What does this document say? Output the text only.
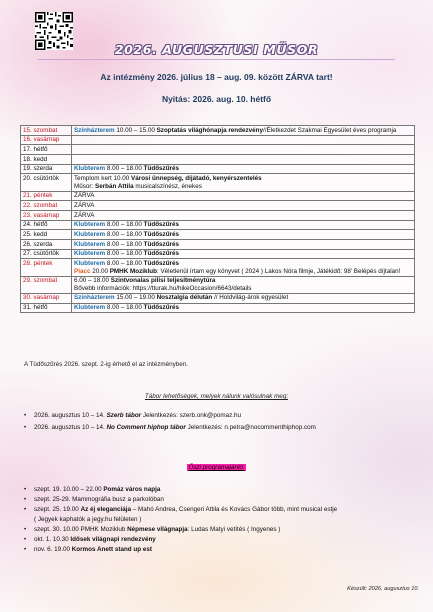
2026. AUGUSZTUSI MŰSOR
Az intézmény 2026. július 18 – aug. 09. között ZÁRVA tart!
Nyitás: 2026. aug. 10. hétfő
15. szombat	Színházterem 10.00 – 15.00 Szoptatás világhónapja rendezvény//Életkezdet Szakmai Egyesület éves programja
16. vasárnap	
17. hétfő	
18. kedd	
19. szerda	Klubterem 8.00 – 18.00 Tüdőszűrés
20. csütörtök	Templom kert 10.00 Városi ünnepség, díjátadó, kenyérszentelés
Műsor: Serbán Attila musicalszínész, énekes
21. péntek	ZÁRVA
22. szombat	ZÁRVA
23. vasárnap	ZÁRVA
24. hétfő	Klubterem 8.00 – 18.00 Tüdőszűrés
25. kedd	Klubterem 8.00 – 18.00 Tüdőszűrés
26. szerda	Klubterem 8.00 – 18.00 Tüdőszűrés
27. csütörtök	Klubterem 8.00 – 18.00 Tüdőszűrés
28. péntek	Klubterem 8.00 – 18.00 Tüdőszűrés
Placc 20.00 PMHK Moziklub: Véletlenül írtam egy könyvet ( 2024 ) Lakos Nóra filmje, Játékidő: 98’ Belépés díjtalan!
29. szombat	6.00 – 18.00 Szintvonalas pilisi teljesítménytúra
Bővebb információk: https://tturak.hu/hikeOccasion/6643/details
30. vasárnap	Színházterem 15.00 – 19.00 Nosztalgia délután // Holdvilág-árok egyesület
31. hétfő	Klubterem 8.00 – 18.00 Tüdőszűrés
A Tüdőszűrés 2026. szept. 2-ig érhető el az intézményben.
Tábor lehetőségek, melyek nálunk valósulnak meg:
• 2026. augusztus 10 – 14. Szerb tábor Jelentkezés: szerb.onk@pomaz.hu
• 2026. augusztus 10 – 14. No Comment hiphop tábor Jelentkezés: n.petra@nocommenthiphop.com
Őszi programajánló:
• szept. 19. 10.00 – 22.00 Pomáz város napja
• szept. 25-29. Mammográfia busz a parkolóban
• szept. 25. 19.00 Az éj eleganciája – Mahó Andrea, Csengeri Attila és Kovács Gábor több, mint musical estje
( Jegyek kaphatók a jegy.hu felületen )
• szept. 30. 10.00 PMHK Moziklub Népmese világnapja: Ludas Matyi vetítés ( Ingyenes )
• okt. 1. 10.30 Idősek világnapi rendezvény
• nov. 6. 19.00 Kormos Anett stand up est
Készült: 2026. augusztus 10.
